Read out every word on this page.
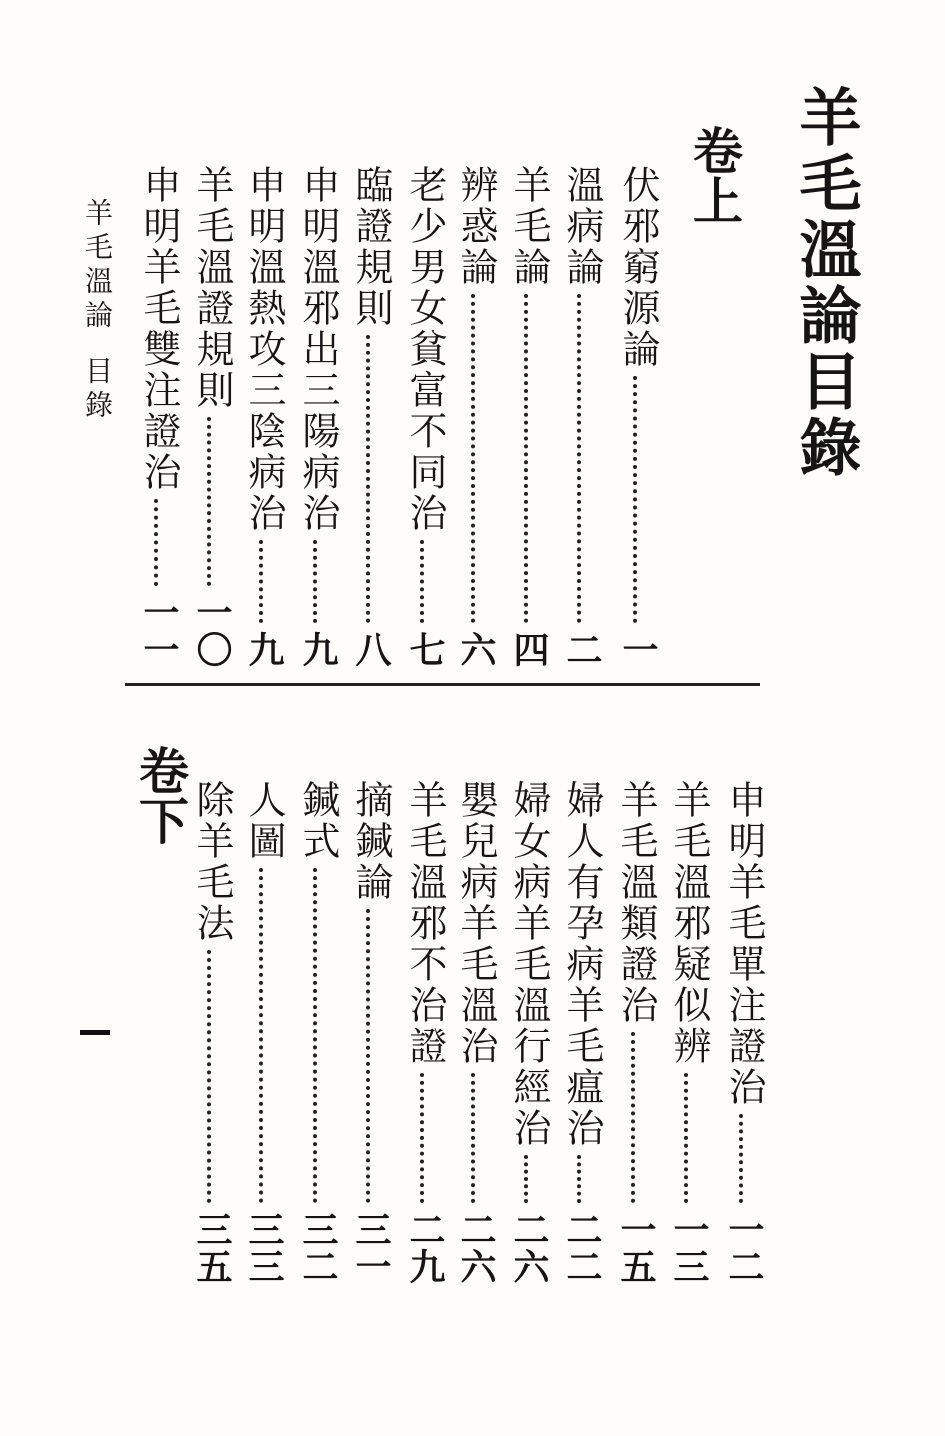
羊毛溫論目錄
卷上
伏邪窮源論
一
溫病論
二
羊毛論
四
辨惑論
六
老少男女貧富不同治
七
臨證規則
八
申明溫邪出三陽病治
九
申明溫熱攻三陰病治
九
羊毛溫證規則
一〇
申明羊毛雙注證治
一一
卷下	申明羊毛單注證治
一二
羊毛溫邪疑似辨
一三
羊毛溫類證治
一五
婦人有孕病羊毛瘟治
二二
婦女病羊毛溫行經治
二六
嬰兒病羊毛溫治
二六
羊毛溫邪不治證
二九
摘鍼論
三一
鍼式
三二
人圖
三三
除羊毛法
三五
羊毛溫論目錄
